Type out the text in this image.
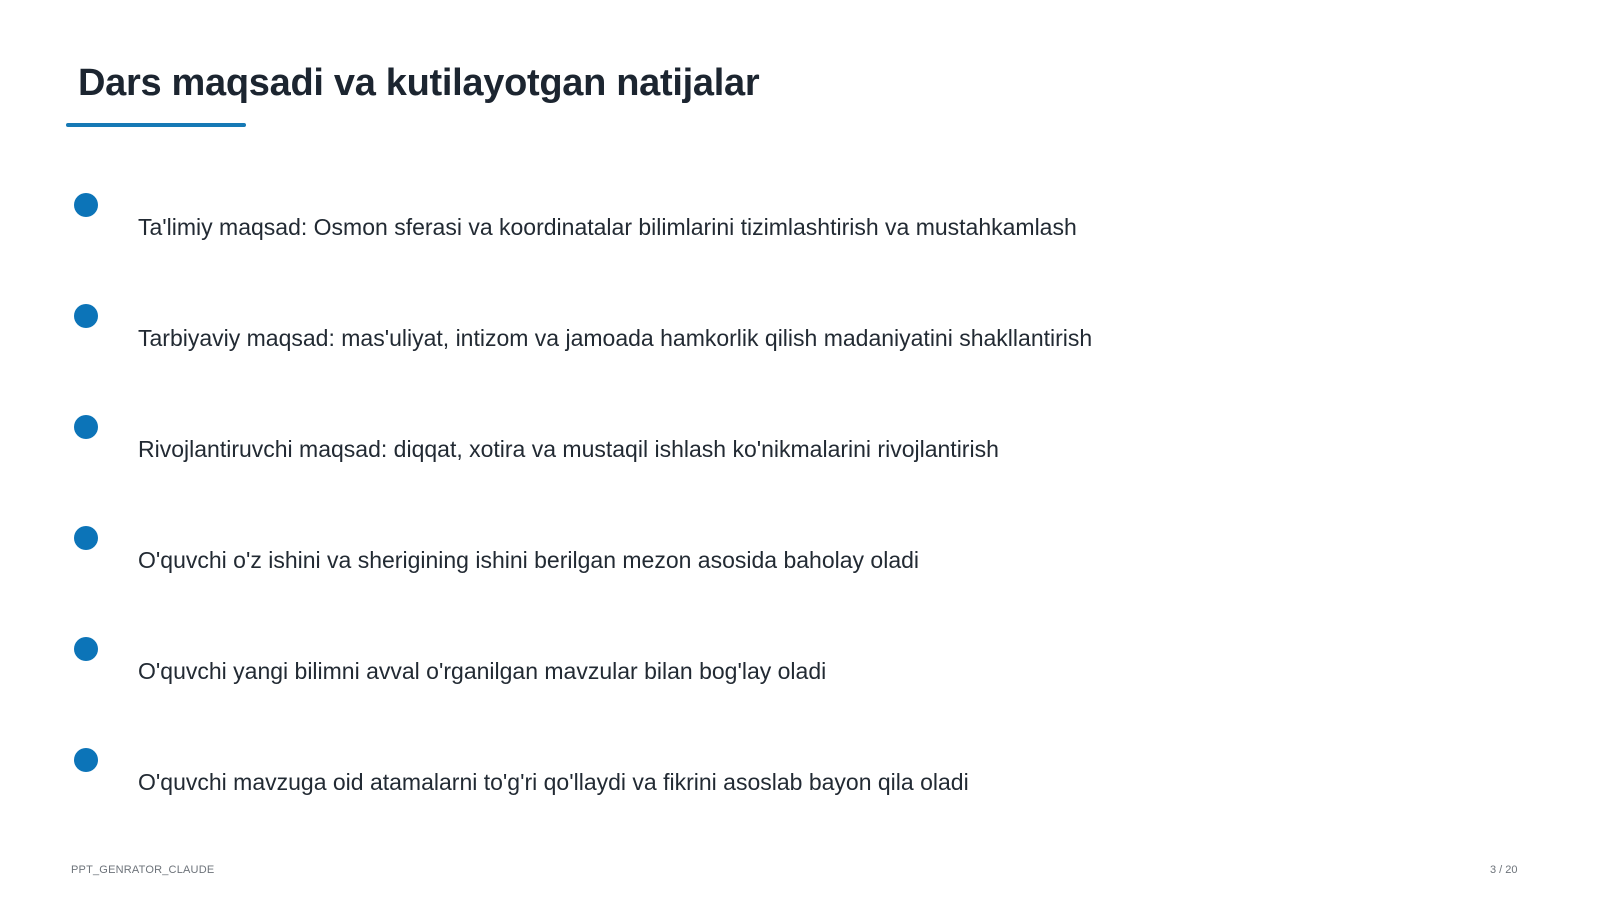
Dars maqsadi va kutilayotgan natijalar
Ta'limiy maqsad: Osmon sferasi va koordinatalar bilimlarini tizimlashtirish va mustahkamlash
Tarbiyaviy maqsad: mas'uliyat, intizom va jamoada hamkorlik qilish madaniyatini shakllantirish
Rivojlantiruvchi maqsad: diqqat, xotira va mustaqil ishlash ko'nikmalarini rivojlantirish
O'quvchi o'z ishini va sherigining ishini berilgan mezon asosida baholay oladi
O'quvchi yangi bilimni avval o'rganilgan mavzular bilan bog'lay oladi
O'quvchi mavzuga oid atamalarni to'g'ri qo'llaydi va fikrini asoslab bayon qila oladi
PPT_GENRATOR_CLAUDE	3 / 20
